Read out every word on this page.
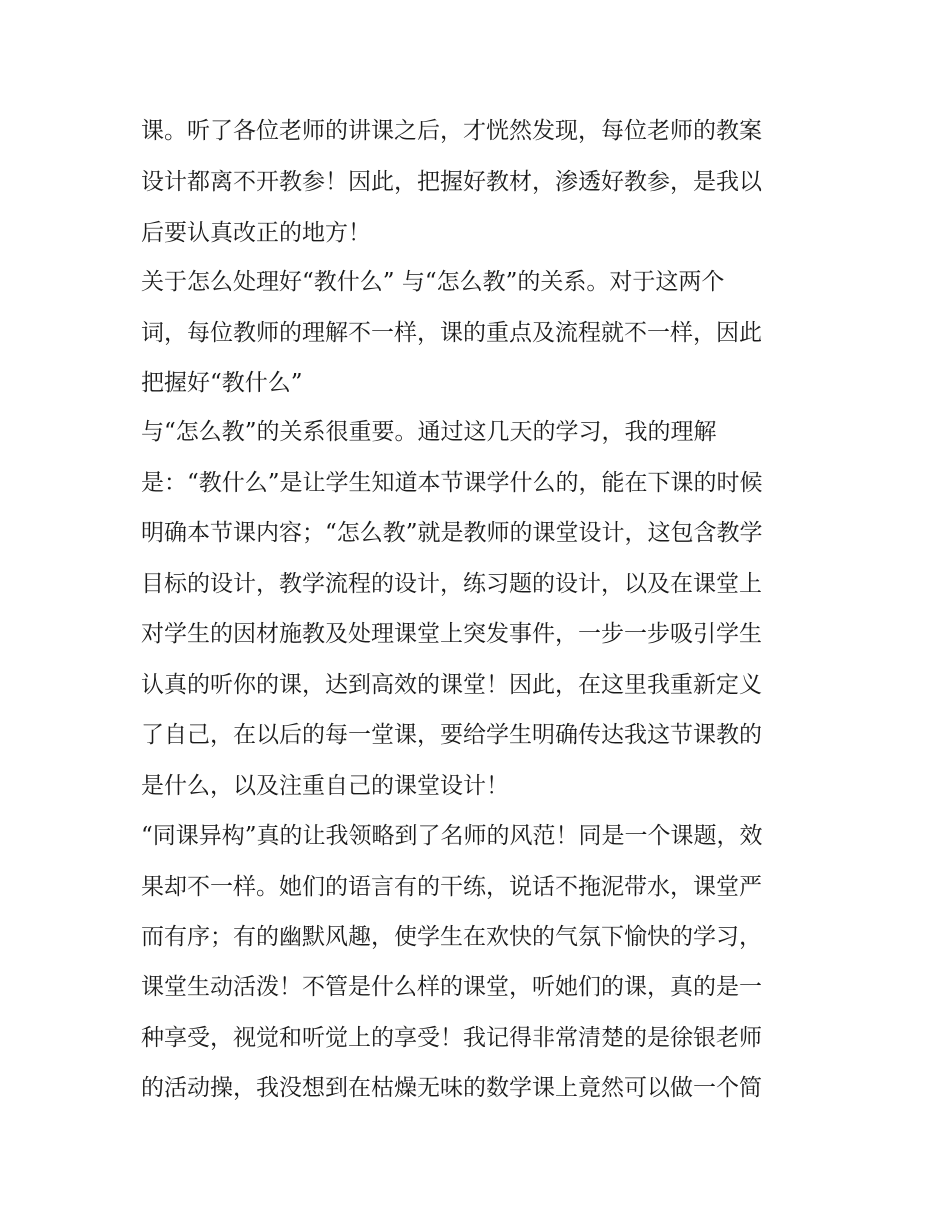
课。听了各位老师的讲课之后，才恍然发现，每位老师的教案
设计都离不开教参！因此，把握好教材，渗透好教参，是我以
后要认真改正的地方！
关于怎么处理好“教什么” 与“怎么教”的关系。对于这两个
词，每位教师的理解不一样，课的重点及流程就不一样，因此
把握好“教什么”
与“怎么教”的关系很重要。通过这几天的学习，我的理解
是：“教什么”是让学生知道本节课学什么的，能在下课的时候
明确本节课内容；“怎么教”就是教师的课堂设计，这包含教学
目标的设计，教学流程的设计，练习题的设计，以及在课堂上
对学生的因材施教及处理课堂上突发事件，一步一步吸引学生
认真的听你的课，达到高效的课堂！因此，在这里我重新定义
了自己，在以后的每一堂课，要给学生明确传达我这节课教的
是什么，以及注重自己的课堂设计！
“同课异构”真的让我领略到了名师的风范！同是一个课题，效
果却不一样。她们的语言有的干练，说话不拖泥带水，课堂严
而有序；有的幽默风趣，使学生在欢快的气氛下愉快的学习，
课堂生动活泼！不管是什么样的课堂，听她们的课，真的是一
种享受，视觉和听觉上的享受！我记得非常清楚的是徐银老师
的活动操，我没想到在枯燥无味的数学课上竟然可以做一个简
